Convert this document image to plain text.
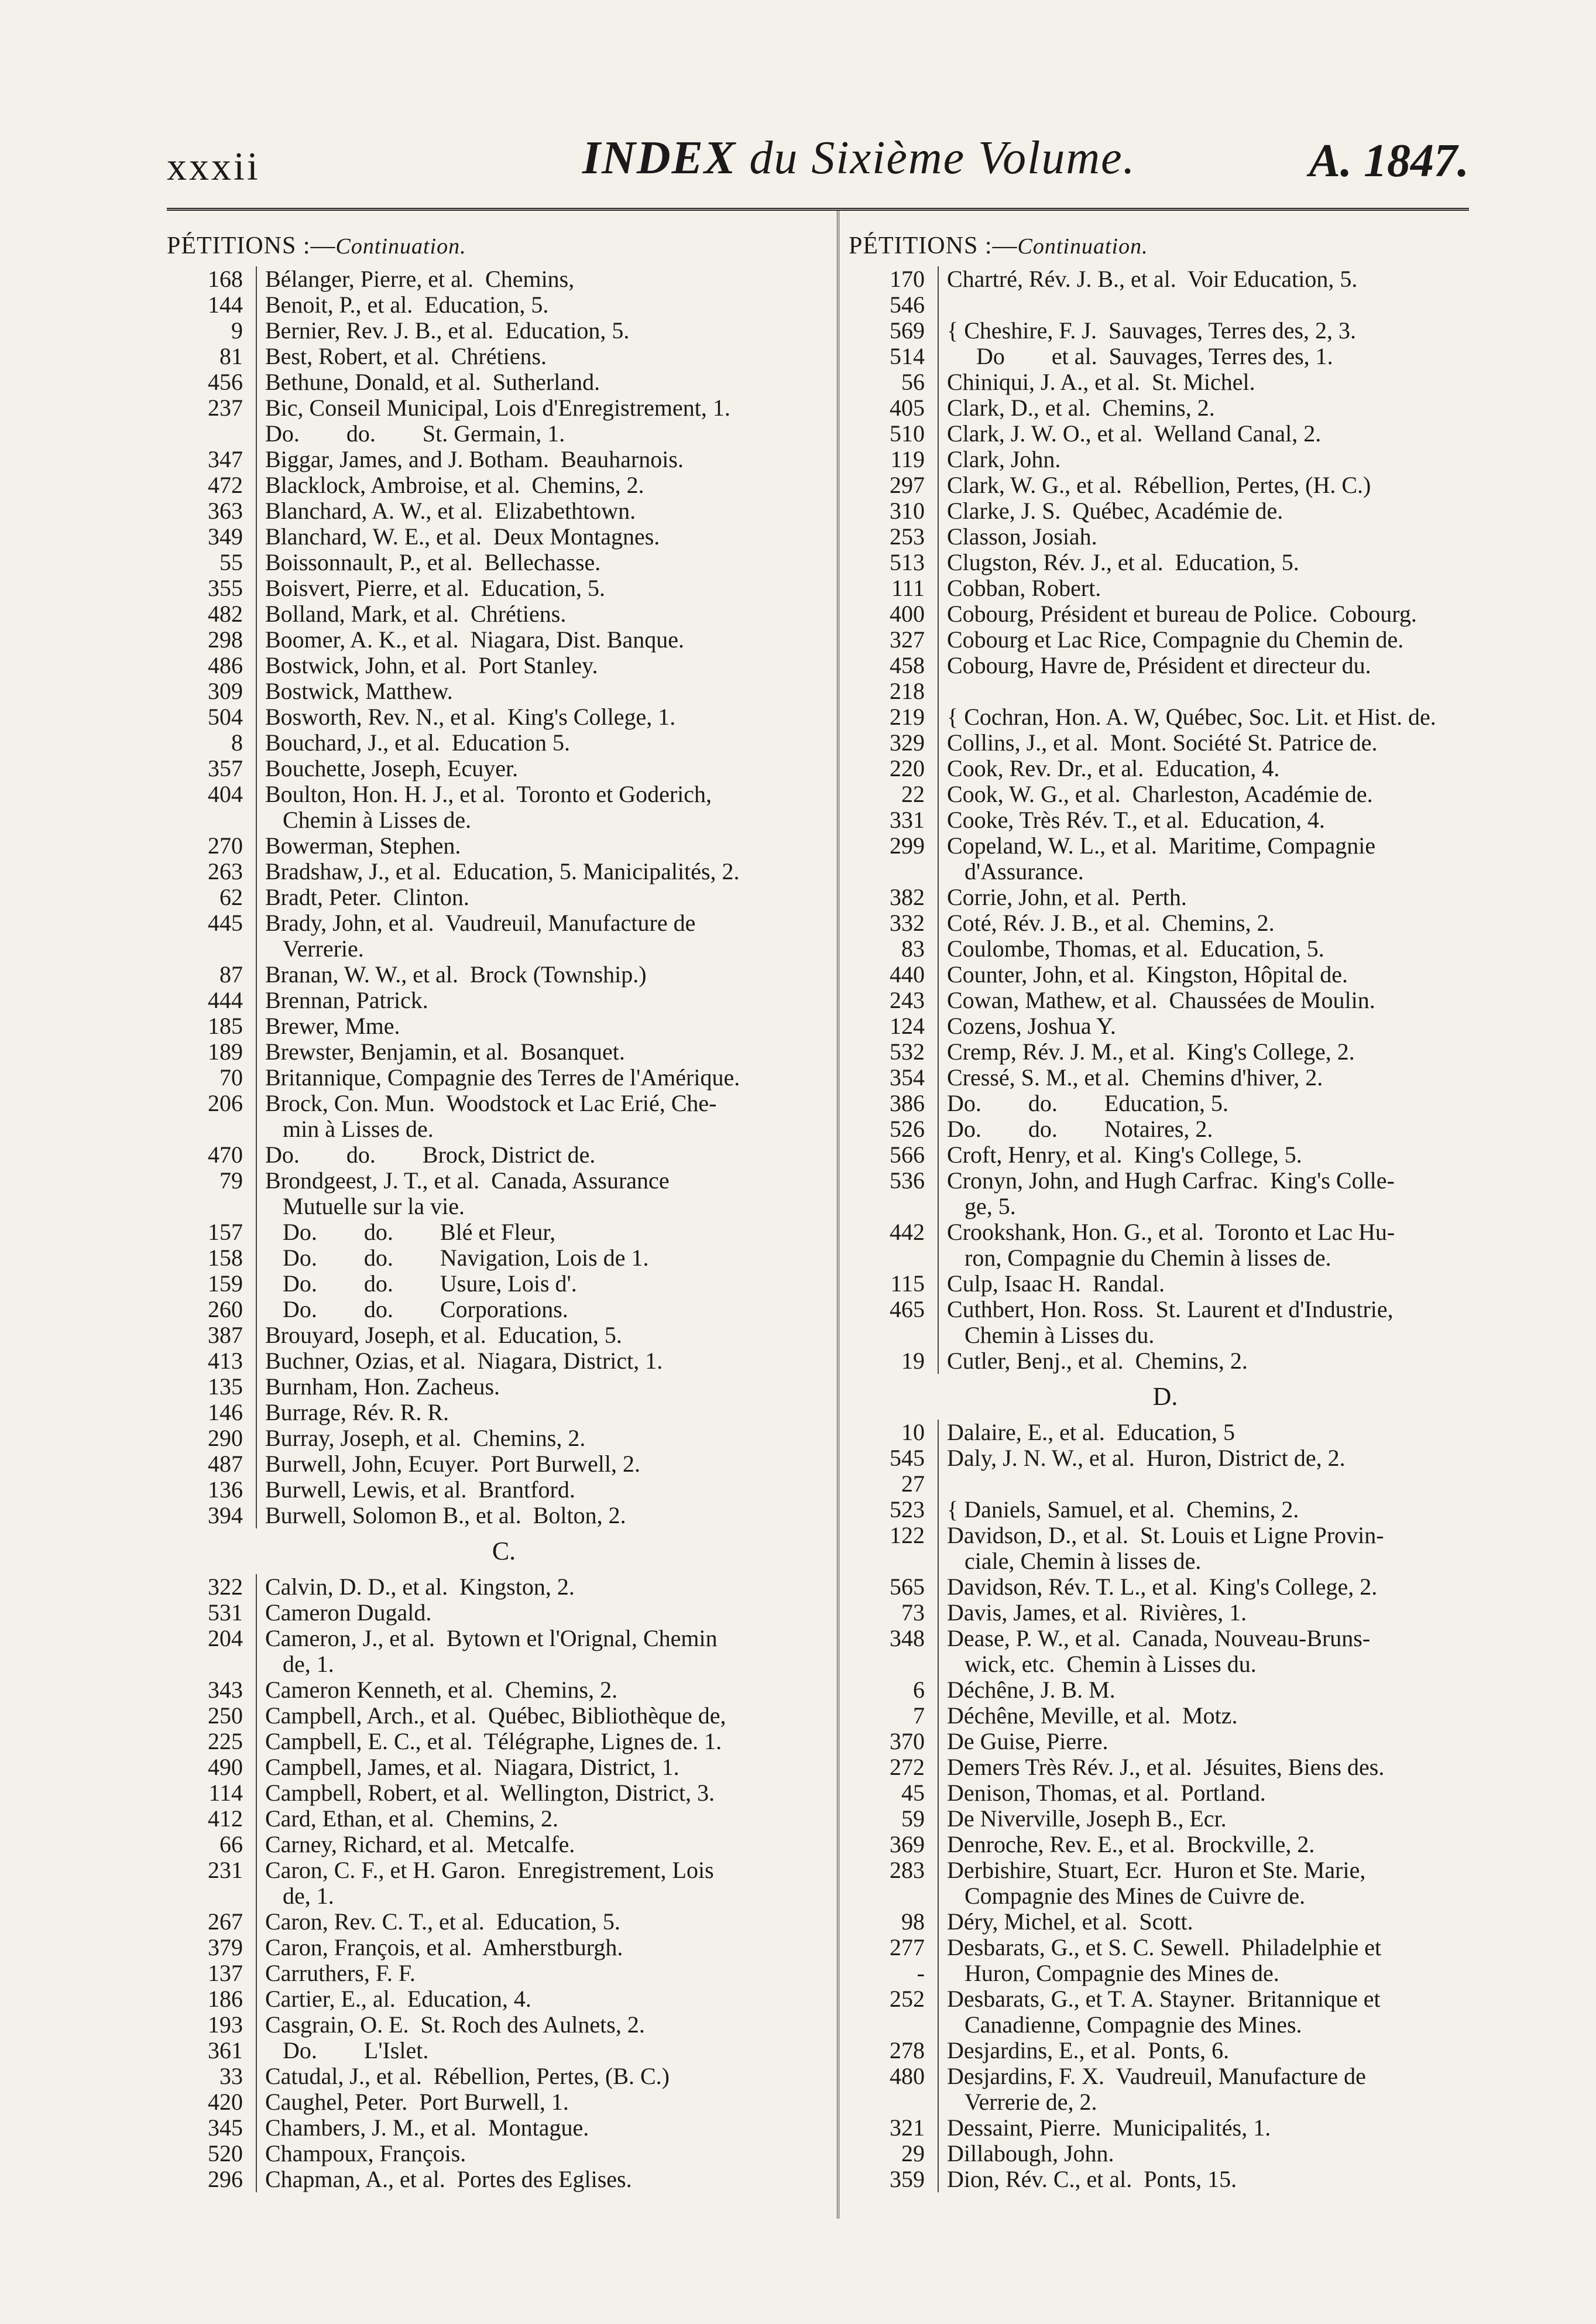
xxxii	INDEX du Sixième Volume.	A. 1847.
PÉTITIONS :—Continuation.
168 Bélanger, Pierre, et al.  Chemins,
144 Benoit, P., et al.  Education, 5.
9 Bernier, Rev. J. B., et al.  Education, 5.
81 Best, Robert, et al.  Chrétiens.
456 Bethune, Donald, et al.  Sutherland.
237 Bic, Conseil Municipal, Lois d'Enregistrement, 1.
Do.        do.        St. Germain, 1.
347 Biggar, James, and J. Botham.  Beauharnois.
472 Blacklock, Ambroise, et al.  Chemins, 2.
363 Blanchard, A. W., et al.  Elizabethtown.
349 Blanchard, W. E., et al.  Deux Montagnes.
55 Boissonnault, P., et al.  Bellechasse.
355 Boisvert, Pierre, et al.  Education, 5.
482 Bolland, Mark, et al.  Chrétiens.
298 Boomer, A. K., et al.  Niagara, Dist. Banque.
486 Bostwick, John, et al.  Port Stanley.
309 Bostwick, Matthew.
504 Bosworth, Rev. N., et al.  King's College, 1.
8 Bouchard, J., et al.  Education 5.
357 Bouchette, Joseph, Ecuyer.
404 Boulton, Hon. H. J., et al.  Toronto et Goderich,
Chemin à Lisses de.
270 Bowerman, Stephen.
263 Bradshaw, J., et al.  Education, 5. Manicipalités, 2.
62 Bradt, Peter.  Clinton.
445 Brady, John, et al.  Vaudreuil, Manufacture de
Verrerie.
87 Branan, W. W., et al.  Brock (Township.)
444 Brennan, Patrick.
185 Brewer, Mme.
189 Brewster, Benjamin, et al.  Bosanquet.
70 Britannique, Compagnie des Terres de l'Amérique.
206 Brock, Con. Mun.  Woodstock et Lac Erié, Che-
min à Lisses de.
470 Do.        do.        Brock, District de.
79 Brondgeest, J. T., et al.  Canada, Assurance
Mutuelle sur la vie.
157 Do.        do.        Blé et Fleur,
158 Do.        do.        Navigation, Lois de 1.
159 Do.        do.        Usure, Lois d'.
260 Do.        do.        Corporations.
387 Brouyard, Joseph, et al.  Education, 5.
413 Buchner, Ozias, et al.  Niagara, District, 1.
135 Burnham, Hon. Zacheus.
146 Burrage, Rév. R. R.
290 Burray, Joseph, et al.  Chemins, 2.
487 Burwell, John, Ecuyer.  Port Burwell, 2.
136 Burwell, Lewis, et al.  Brantford.
394 Burwell, Solomon B., et al.  Bolton, 2.
C.
322 Calvin, D. D., et al.  Kingston, 2.
531 Cameron Dugald.
204 Cameron, J., et al.  Bytown et l'Orignal, Chemin
de, 1.
343 Cameron Kenneth, et al.  Chemins, 2.
250 Campbell, Arch., et al.  Québec, Bibliothèque de,
225 Campbell, E. C., et al.  Télégraphe, Lignes de. 1.
490 Campbell, James, et al.  Niagara, District, 1.
114 Campbell, Robert, et al.  Wellington, District, 3.
412 Card, Ethan, et al.  Chemins, 2.
66 Carney, Richard, et al.  Metcalfe.
231 Caron, C. F., et H. Garon.  Enregistrement, Lois
de, 1.
267 Caron, Rev. C. T., et al.  Education, 5.
379 Caron, François, et al.  Amherstburgh.
137 Carruthers, F. F.
186 Cartier, E., al.  Education, 4.
193 Casgrain, O. E.  St. Roch des Aulnets, 2.
361 Do.        L'Islet.
33 Catudal, J., et al.  Rébellion, Pertes, (B. C.)
420 Caughel, Peter.  Port Burwell, 1.
345 Chambers, J. M., et al.  Montague.
520 Champoux, François.
296 Chapman, A., et al.  Portes des Eglises.
PÉTITIONS :—Continuation.
170 Chartré, Rév. J. B., et al.  Voir Education, 5.
546
569 { Cheshire, F. J.  Sauvages, Terres des, 2, 3.
514 Do        et al.  Sauvages, Terres des, 1.
56 Chiniqui, J. A., et al.  St. Michel.
405 Clark, D., et al.  Chemins, 2.
510 Clark, J. W. O., et al.  Welland Canal, 2.
119 Clark, John.
297 Clark, W. G., et al.  Rébellion, Pertes, (H. C.)
310 Clarke, J. S.  Québec, Académie de.
253 Classon, Josiah.
513 Clugston, Rév. J., et al.  Education, 5.
111 Cobban, Robert.
400 Cobourg, Président et bureau de Police.  Cobourg.
327 Cobourg et Lac Rice, Compagnie du Chemin de.
458 Cobourg, Havre de, Président et directeur du.
218
219 { Cochran, Hon. A. W, Québec, Soc. Lit. et Hist. de.
329 Collins, J., et al.  Mont. Société St. Patrice de.
220 Cook, Rev. Dr., et al.  Education, 4.
22 Cook, W. G., et al.  Charleston, Académie de.
331 Cooke, Très Rév. T., et al.  Education, 4.
299 Copeland, W. L., et al.  Maritime, Compagnie
d'Assurance.
382 Corrie, John, et al.  Perth.
332 Coté, Rév. J. B., et al.  Chemins, 2.
83 Coulombe, Thomas, et al.  Education, 5.
440 Counter, John, et al.  Kingston, Hôpital de.
243 Cowan, Mathew, et al.  Chaussées de Moulin.
124 Cozens, Joshua Y.
532 Cremp, Rév. J. M., et al.  King's College, 2.
354 Cressé, S. M., et al.  Chemins d'hiver, 2.
386 Do.        do.        Education, 5.
526 Do.        do.        Notaires, 2.
566 Croft, Henry, et al.  King's College, 5.
536 Cronyn, John, and Hugh Carfrac.  King's Colle-
ge, 5.
442 Crookshank, Hon. G., et al.  Toronto et Lac Hu-
ron, Compagnie du Chemin à lisses de.
115 Culp, Isaac H.  Randal.
465 Cuthbert, Hon. Ross.  St. Laurent et d'Industrie,
Chemin à Lisses du.
19 Cutler, Benj., et al.  Chemins, 2.
D.
10 Dalaire, E., et al.  Education, 5
545 Daly, J. N. W., et al.  Huron, District de, 2.
27
523 { Daniels, Samuel, et al.  Chemins, 2.
122 Davidson, D., et al.  St. Louis et Ligne Provin-
ciale, Chemin à lisses de.
565 Davidson, Rév. T. L., et al.  King's College, 2.
73 Davis, James, et al.  Rivières, 1.
348 Dease, P. W., et al.  Canada, Nouveau-Bruns-
wick, etc.  Chemin à Lisses du.
6 Déchêne, J. B. M.
7 Déchêne, Meville, et al.  Motz.
370 De Guise, Pierre.
272 Demers Très Rév. J., et al.  Jésuites, Biens des.
45 Denison, Thomas, et al.  Portland.
59 De Niverville, Joseph B., Ecr.
369 Denroche, Rev. E., et al.  Brockville, 2.
283 Derbishire, Stuart, Ecr.  Huron et Ste. Marie,
Compagnie des Mines de Cuivre de.
98 Déry, Michel, et al.  Scott.
277 Desbarats, G., et S. C. Sewell.  Philadelphie et
- Huron, Compagnie des Mines de.
252 Desbarats, G., et T. A. Stayner.  Britannique et
Canadienne, Compagnie des Mines.
278 Desjardins, E., et al.  Ponts, 6.
480 Desjardins, F. X.  Vaudreuil, Manufacture de
Verrerie de, 2.
321 Dessaint, Pierre.  Municipalités, 1.
29 Dillabough, John.
359 Dion, Rév. C., et al.  Ponts, 15.
